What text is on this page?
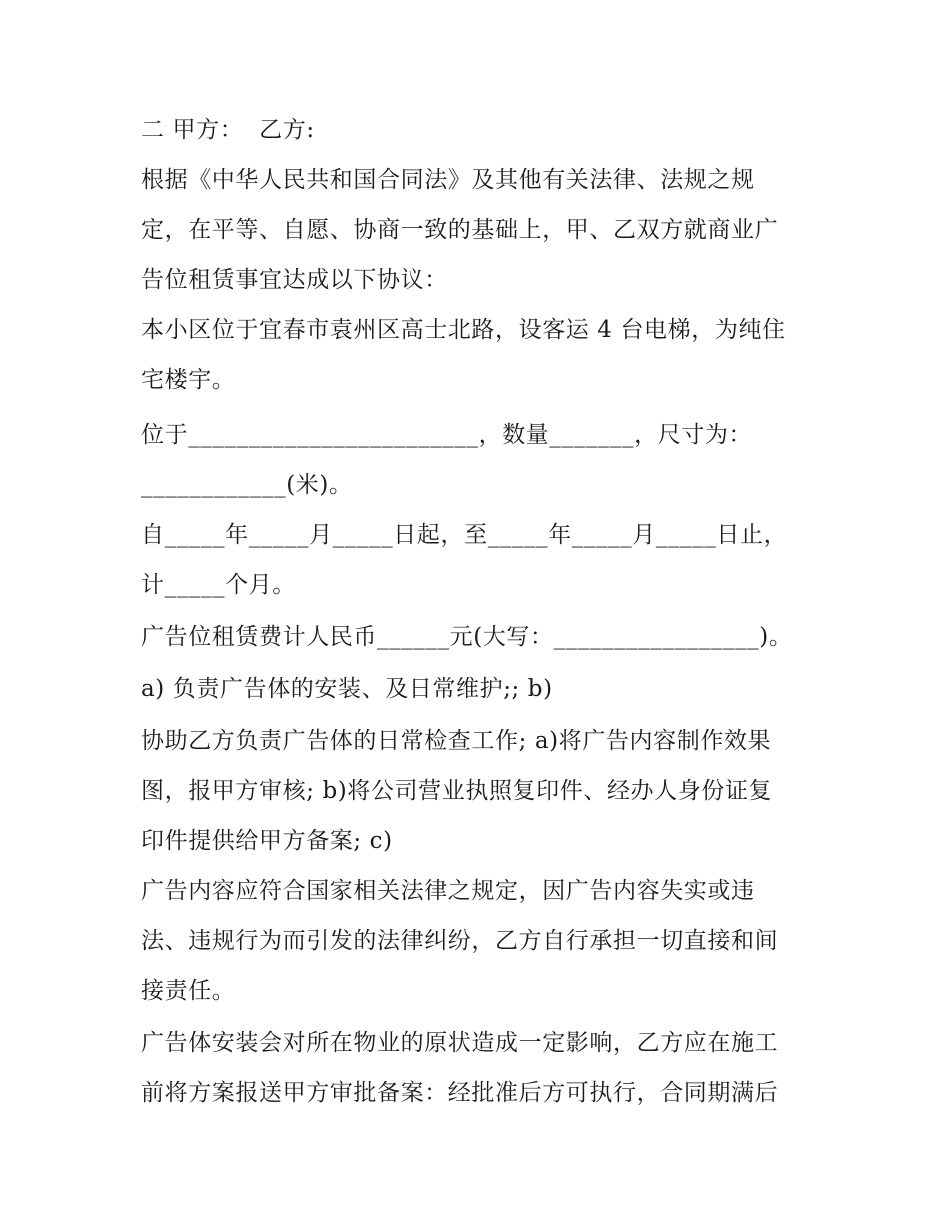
二 甲方：  乙方:
根据《中华人民共和国合同法》及其他有关法律、法规之规
定，在平等、自愿、协商一致的基础上，甲、乙双方就商业广
告位租赁事宜达成以下协议：
本小区位于宜春市袁州区高士北路，设客运 4 台电梯，为纯住
宅楼宇。
位于________________________，数量_______，尺寸为：
____________(米)。
自_____年_____月_____日起，至_____年_____月_____日止，
计_____个月。
广告位租赁费计人民币______元(大写：_________________)。
a) 负责广告体的安装、及日常维护;; b)
协助乙方负责广告体的日常检查工作; a)将广告内容制作效果
图，报甲方审核; b)将公司营业执照复印件、经办人身份证复
印件提供给甲方备案; c)
广告内容应符合国家相关法律之规定，因广告内容失实或违
法、违规行为而引发的法律纠纷，乙方自行承担一切直接和间
接责任。
广告体安装会对所在物业的原状造成一定影响，乙方应在施工
前将方案报送甲方审批备案：经批准后方可执行，合同期满后
